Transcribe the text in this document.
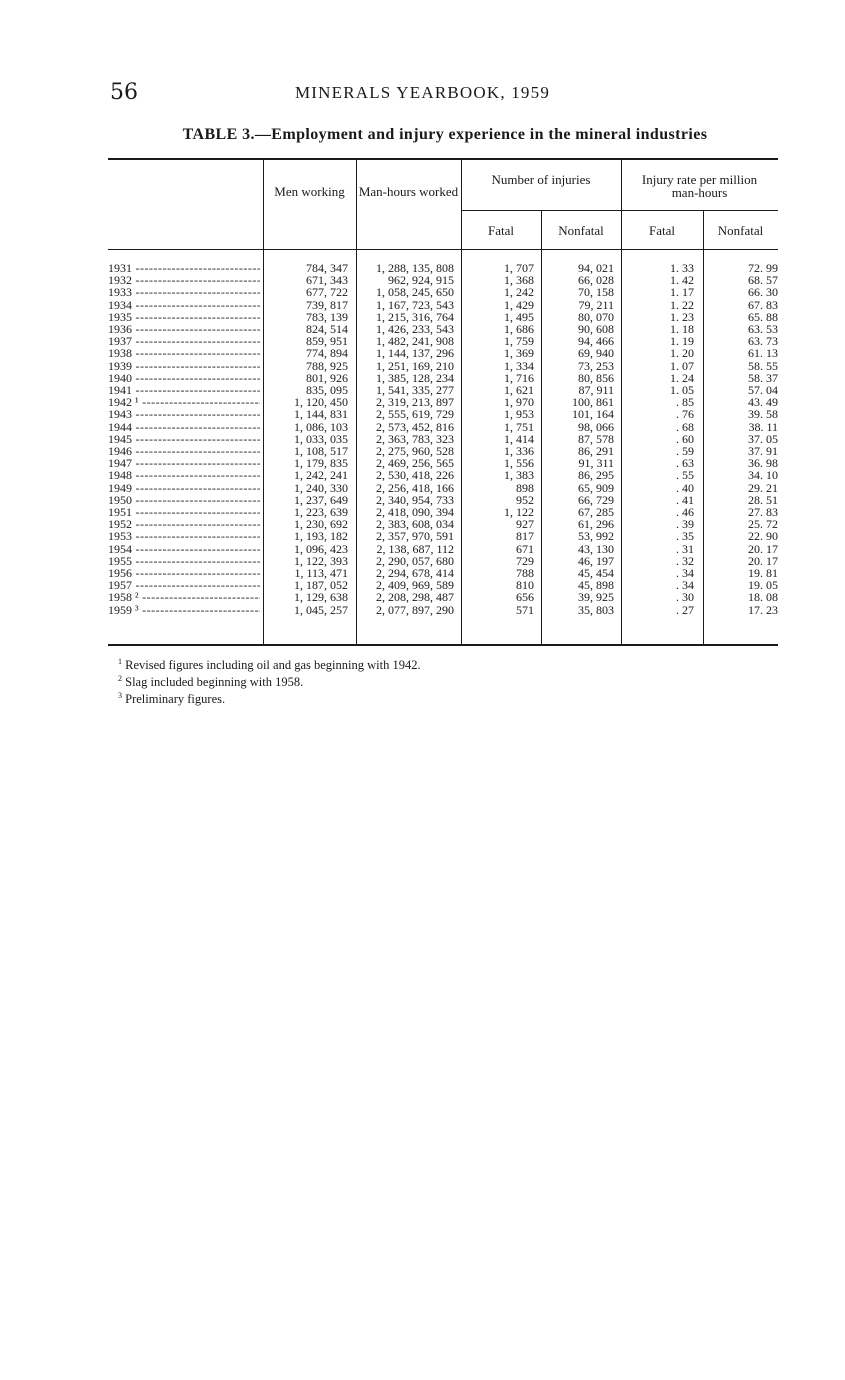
56	MINERALS YEARBOOK, 1959
TABLE 3.—Employment and injury experience in the mineral industries
Men working	Man-hours worked
Number of injuries	Injury rate per million man-hours
Fatal	Nonfatal	Fatal	Nonfatal
1931 -----	784, 347	1, 288, 135, 808	1, 707	94, 021	1. 33	72. 99
1932 -----	671, 343	962, 924, 915	1, 368	66, 028	1. 42	68. 57
1933 -----	677, 722	1, 058, 245, 650	1, 242	70, 158	1. 17	66. 30
1934 -----	739, 817	1, 167, 723, 543	1, 429	79, 211	1. 22	67. 83
1935 -----	783, 139	1, 215, 316, 764	1, 495	80, 070	1. 23	65. 88
1936 -----	824, 514	1, 426, 233, 543	1, 686	90, 608	1. 18	63. 53
1937 -----	859, 951	1, 482, 241, 908	1, 759	94, 466	1. 19	63. 73
1938 -----	774, 894	1, 144, 137, 296	1, 369	69, 940	1. 20	61. 13
1939 -----	788, 925	1, 251, 169, 210	1, 334	73, 253	1. 07	58. 55
1940 -----	801, 926	1, 385, 128, 234	1, 716	80, 856	1. 24	58. 37
1941 -----	835, 095	1, 541, 335, 277	1, 621	87, 911	1. 05	57. 04
1942 ¹ -----	1, 120, 450	2, 319, 213, 897	1, 970	100, 861	. 85	43. 49
1943 -----	1, 144, 831	2, 555, 619, 729	1, 953	101, 164	. 76	39. 58
1944 -----	1, 086, 103	2, 573, 452, 816	1, 751	98, 066	. 68	38. 11
1945 -----	1, 033, 035	2, 363, 783, 323	1, 414	87, 578	. 60	37. 05
1946 -----	1, 108, 517	2, 275, 960, 528	1, 336	86, 291	. 59	37. 91
1947 -----	1, 179, 835	2, 469, 256, 565	1, 556	91, 311	. 63	36. 98
1948 -----	1, 242, 241	2, 530, 418, 226	1, 383	86, 295	. 55	34. 10
1949 -----	1, 240, 330	2, 256, 418, 166	898	65, 909	. 40	29. 21
1950 -----	1, 237, 649	2, 340, 954, 733	952	66, 729	. 41	28. 51
1951 -----	1, 223, 639	2, 418, 090, 394	1, 122	67, 285	. 46	27. 83
1952 -----	1, 230, 692	2, 383, 608, 034	927	61, 296	. 39	25. 72
1953 -----	1, 193, 182	2, 357, 970, 591	817	53, 992	. 35	22. 90
1954 -----	1, 096, 423	2, 138, 687, 112	671	43, 130	. 31	20. 17
1955 -----	1, 122, 393	2, 290, 057, 680	729	46, 197	. 32	20. 17
1956 -----	1, 113, 471	2, 294, 678, 414	788	45, 454	. 34	19. 81
1957 -----	1, 187, 052	2, 409, 969, 589	810	45, 898	. 34	19. 05
1958 ² -----	1, 129, 638	2, 208, 298, 487	656	39, 925	. 30	18. 08
1959 ³ -----	1, 045, 257	2, 077, 897, 290	571	35, 803	. 27	17. 23
$^1$ Revised figures including oil and gas beginning with 1942.
$^2$ Slag included beginning with 1958.
$^3$ Preliminary figures.
